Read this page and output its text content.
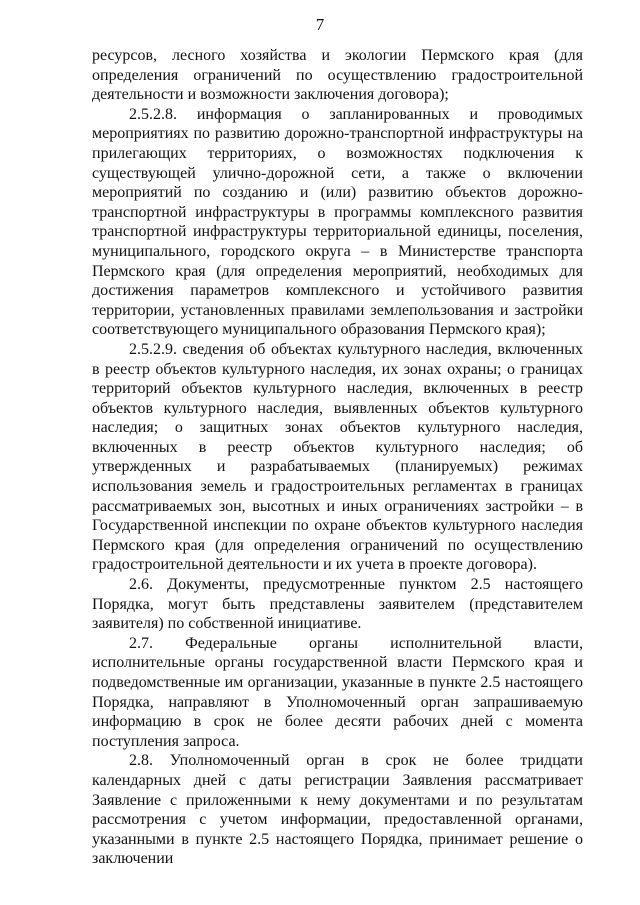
7

ресурсов, лесного хозяйства и экологии Пермского края (для определения ограничений по осуществлению градостроительной деятельности и возможности заключения договора);

2.5.2.8. информация о запланированных и проводимых мероприятиях по развитию дорожно-транспортной инфраструктуры на прилегающих территориях, о возможностях подключения к существующей улично-дорожной сети, а также о включении мероприятий по созданию и (или) развитию объектов дорожно-транспортной инфраструктуры в программы комплексного развития транспортной инфраструктуры территориальной единицы, поселения, муниципального, городского округа – в Министерстве транспорта Пермского края (для определения мероприятий, необходимых для достижения параметров комплексного и устойчивого развития территории, установленных правилами землепользования и застройки соответствующего муниципального образования Пермского края);

2.5.2.9. сведения об объектах культурного наследия, включенных в реестр объектов культурного наследия, их зонах охраны; о границах территорий объектов культурного наследия, включенных в реестр объектов культурного наследия, выявленных объектов культурного наследия; о защитных зонах объектов культурного наследия, включенных в реестр объектов культурного наследия; об утвержденных и разрабатываемых (планируемых) режимах использования земель и градостроительных регламентах в границах рассматриваемых зон, высотных и иных ограничениях застройки – в Государственной инспекции по охране объектов культурного наследия Пермского края (для определения ограничений по осуществлению градостроительной деятельности и их учета в проекте договора).

2.6. Документы, предусмотренные пунктом 2.5 настоящего Порядка, могут быть представлены заявителем (представителем заявителя) по собственной инициативе.

2.7. Федеральные органы исполнительной власти, исполнительные органы государственной власти Пермского края и подведомственные им организации, указанные в пункте 2.5 настоящего Порядка, направляют в Уполномоченный орган запрашиваемую информацию в срок не более десяти рабочих дней с момента поступления запроса.

2.8. Уполномоченный орган в срок не более тридцати календарных дней с даты регистрации Заявления рассматривает Заявление с приложенными к нему документами и по результатам рассмотрения с учетом информации, предоставленной органами, указанными в пункте 2.5 настоящего Порядка, принимает решение о заключении
